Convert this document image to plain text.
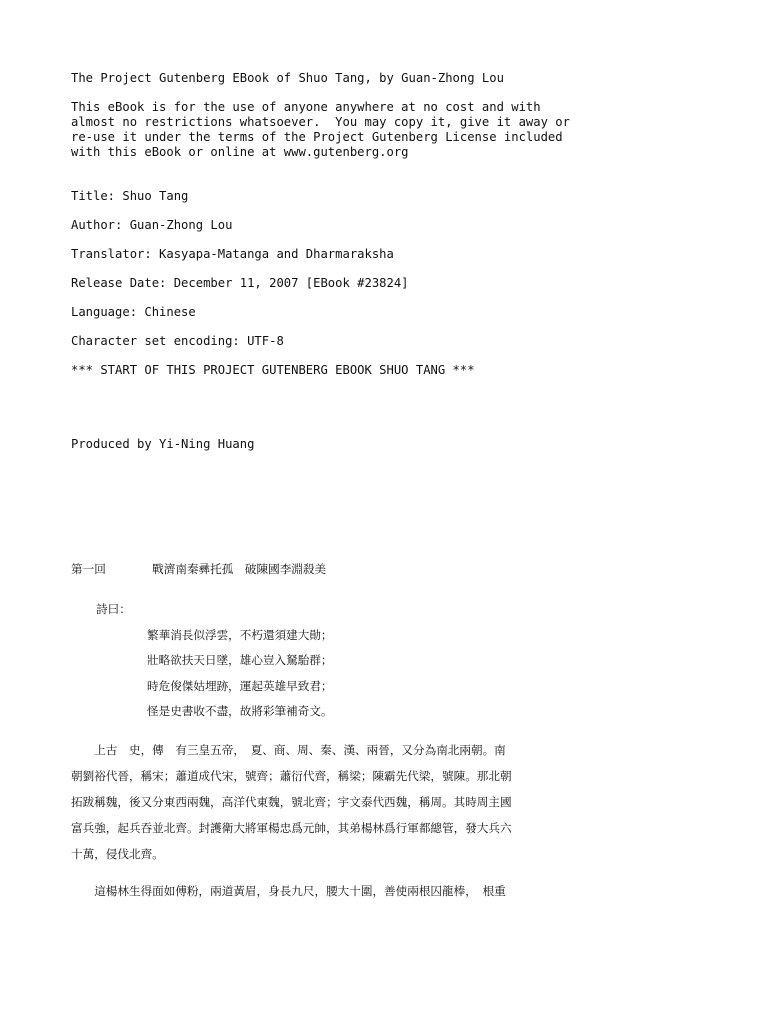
The Project Gutenberg EBook of Shuo Tang, by Guan-Zhong Lou

This eBook is for the use of anyone anywhere at no cost and with

almost no restrictions whatsoever.  You may copy it, give it away or

re-use it under the terms of the Project Gutenberg License included

with this eBook or online at www.gutenberg.org

Title: Shuo Tang

Author: Guan-Zhong Lou

Translator: Kasyapa-Matanga and Dharmaraksha

Release Date: December 11, 2007 [EBook #23824]

Language: Chinese

Character set encoding: UTF-8

*** START OF THIS PROJECT GUTENBERG EBOOK SHUO TANG ***

Produced by Yi-Ning Huang

第一回　　　　戰濟南秦彞托孤　破陳國李淵殺美

詩曰：

繁華消長似浮雲，不朽還須建大勛；

壯略欲扶天日墜，雄心豈入駑駘群；

時危俊傑姑埋跡，運起英雄早致君；

怪是史書收不盡，故將彩筆補奇文。

　　上古　史，傳　有三皇五帝，　夏、商、周、秦、漢、兩晉，又分為南北兩朝。南
朝劉裕代晉，稱宋；蕭道成代宋，號齊；蕭衍代齊，稱梁；陳霸先代梁，號陳。那北朝
拓跋稱魏，後又分東西兩魏，高洋代東魏，號北齊；宇文泰代西魏，稱周。其時周主國
富兵強，起兵吞並北齊。封護衛大將軍楊忠爲元帥，其弟楊林爲行軍都總管，發大兵六
十萬，侵伐北齊。
　　這楊林生得面如傅粉，兩道黃眉，身長九尺，腰大十圍，善使兩根囚龍棒，　根重
